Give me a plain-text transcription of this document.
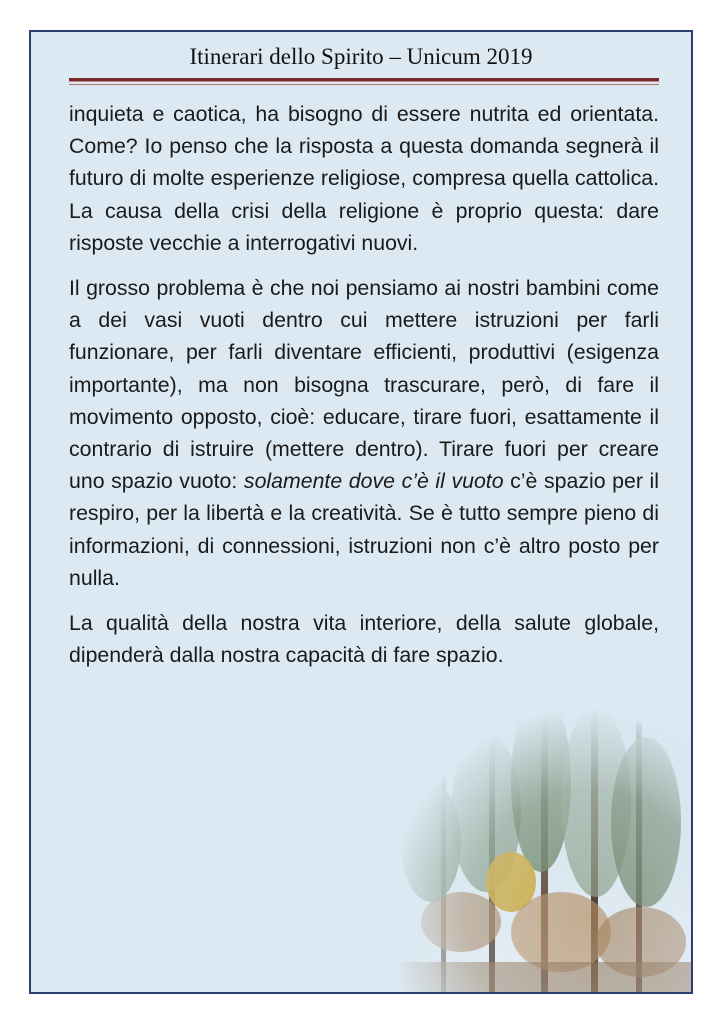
Itinerari dello Spirito – Unicum 2019

inquieta e caotica, ha bisogno di essere nutrita ed orientata. Come? Io penso che la risposta a questa domanda segnerà il futuro di molte esperienze religiose, compresa quella cattolica. La causa della crisi della religione è proprio questa: dare risposte vecchie a interrogativi nuovi.

Il grosso problema è che noi pensiamo ai nostri bambini come a dei vasi vuoti dentro cui mettere istruzioni per farli funzionare, per farli diventare efficienti, produttivi (esigenza importante), ma non bisogna trascurare, però, di fare il movimento opposto, cioè: educare, tirare fuori, esattamente il contrario di istruire (mettere dentro). Tirare fuori per creare uno spazio vuoto: solamente dove c’è il vuoto c’è spazio per il respiro, per la libertà e la creatività. Se è tutto sempre pieno di informazioni, di connessioni, istruzioni non c’è altro posto per nulla.

La qualità della nostra vita interiore, della salute globale, dipenderà dalla nostra capacità di fare spazio.
